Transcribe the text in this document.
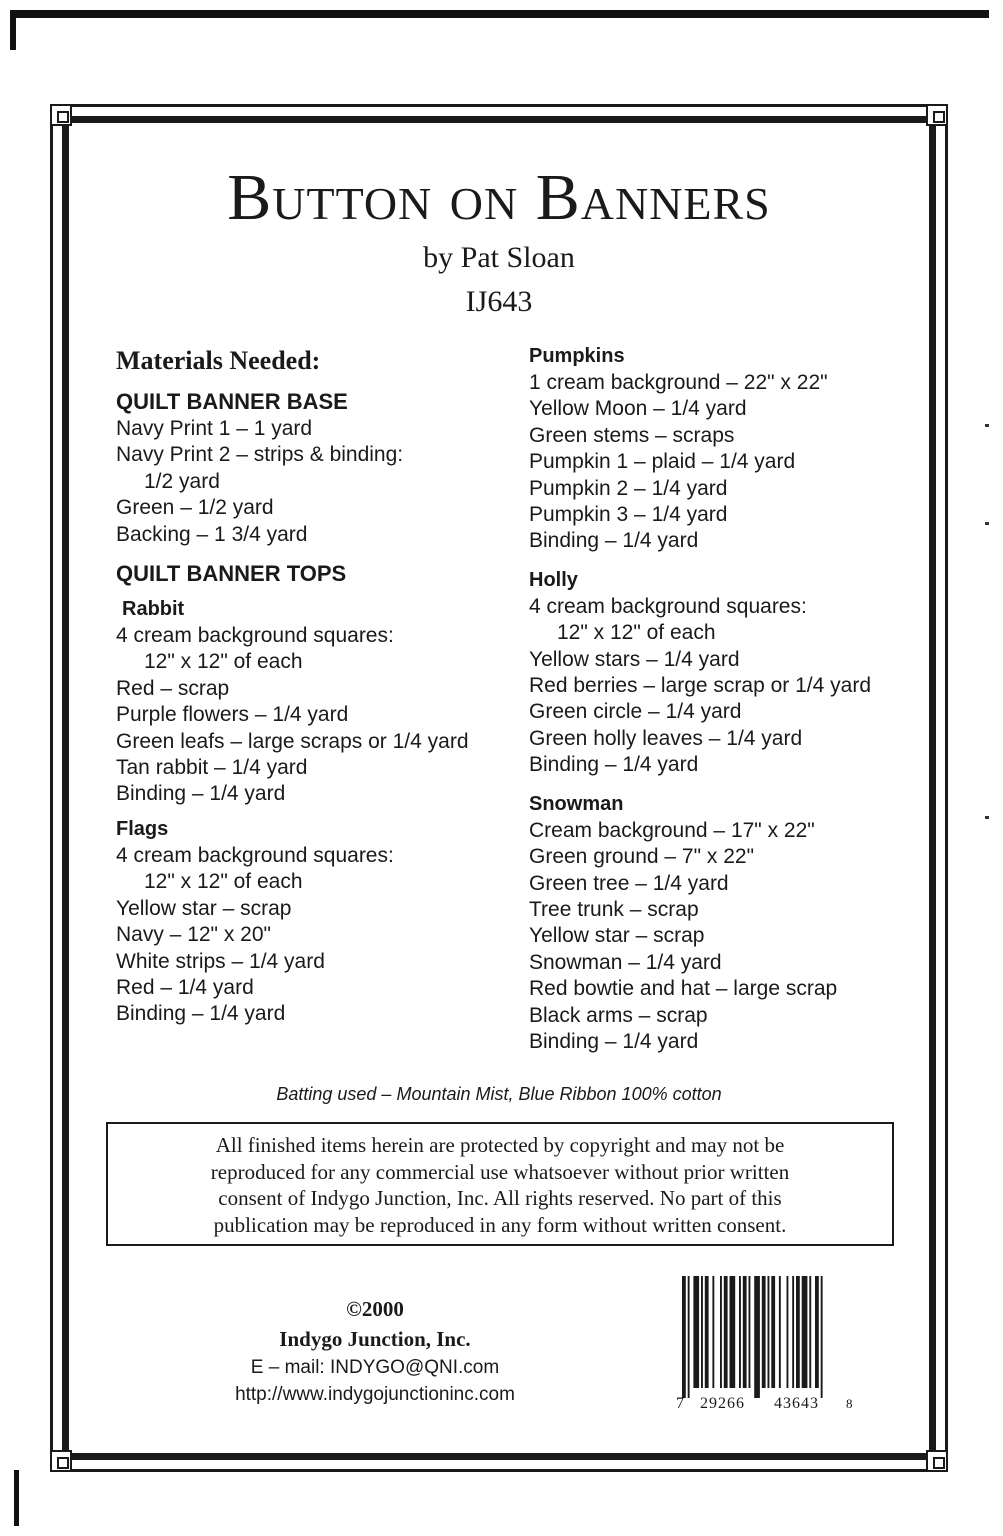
Button on Banners
by Pat Sloan
IJ643
Materials Needed:
QUILT BANNER BASE
Navy Print 1 – 1 yard
Navy Print 2 – strips & binding:
1/2 yard
Green – 1/2 yard
Backing – 1 3/4 yard
QUILT BANNER TOPS
Rabbit
4 cream background squares:
12" x 12" of each
Red – scrap
Purple flowers – 1/4 yard
Green leafs – large scraps or 1/4 yard
Tan rabbit – 1/4 yard
Binding – 1/4 yard
Flags
4 cream background squares:
12" x 12" of each
Yellow star – scrap
Navy – 12" x 20"
White strips – 1/4 yard
Red – 1/4 yard
Binding – 1/4 yard
Pumpkins
1 cream background – 22" x 22"
Yellow Moon – 1/4 yard
Green stems – scraps
Pumpkin 1 – plaid – 1/4 yard
Pumpkin 2 – 1/4 yard
Pumpkin 3 – 1/4 yard
Binding – 1/4 yard
Holly
4 cream background squares:
12" x 12" of each
Yellow stars – 1/4 yard
Red berries – large scrap or 1/4 yard
Green circle – 1/4 yard
Green holly leaves – 1/4 yard
Binding – 1/4 yard
Snowman
Cream background – 17" x 22"
Green ground – 7" x 22"
Green tree – 1/4 yard
Tree trunk – scrap
Yellow star – scrap
Snowman – 1/4 yard
Red bowtie and hat – large scrap
Black arms – scrap
Binding – 1/4 yard
Batting used – Mountain Mist, Blue Ribbon 100% cotton
All finished items herein are protected by copyright and may not be
reproduced for any commercial use whatsoever without prior written
consent of Indygo Junction, Inc. All rights reserved. No part of this
publication may be reproduced in any form without written consent.
©2000
Indygo Junction, Inc.
E – mail: INDYGO@QNI.com
http://www.indygojunctioninc.com	7 29266 43643 8
